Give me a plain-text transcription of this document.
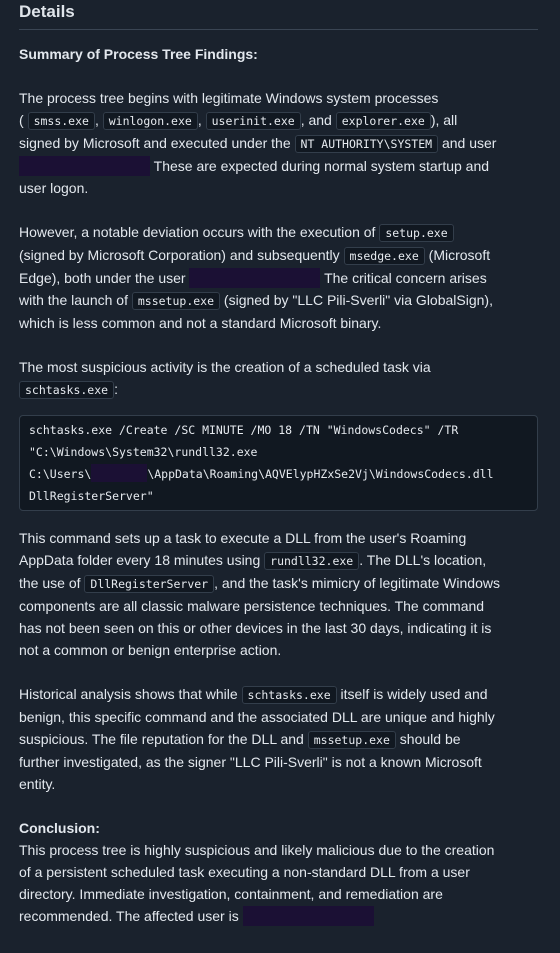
Details

Summary of Process Tree Findings:

The process tree begins with legitimate Windows system processes
( smss.exe , winlogon.exe , userinit.exe , and explorer.exe ), all
signed by Microsoft and executed under the NT AUTHORITY\SYSTEM and user
These are expected during normal system startup and
user logon.

However, a notable deviation occurs with the execution of setup.exe
(signed by Microsoft Corporation) and subsequently msedge.exe (Microsoft
Edge), both under the user	The critical concern arises
with the launch of mssetup.exe (signed by "LLC Pili-Sverli" via GlobalSign),
which is less common and not a standard Microsoft binary.

The most suspicious activity is the creation of a scheduled task via
schtasks.exe :

schtasks.exe /Create /SC MINUTE /MO 18 /TN "WindowsCodecs" /TR
"C:\Windows\System32\rundll32.exe
C:\Users\	\AppData\Roaming\AQVElypHZxSe2Vj\WindowsCodecs.dll
DllRegisterServer"

This command sets up a task to execute a DLL from the user's Roaming
AppData folder every 18 minutes using rundll32.exe . The DLL's location,
the use of DllRegisterServer , and the task's mimicry of legitimate Windows
components are all classic malware persistence techniques. The command
has not been seen on this or other devices in the last 30 days, indicating it is
not a common or benign enterprise action.

Historical analysis shows that while schtasks.exe itself is widely used and
benign, this specific command and the associated DLL are unique and highly
suspicious. The file reputation for the DLL and mssetup.exe should be
further investigated, as the signer "LLC Pili-Sverli" is not a known Microsoft
entity.

Conclusion:

This process tree is highly suspicious and likely malicious due to the creation
of a persistent scheduled task executing a non-standard DLL from a user
directory. Immediate investigation, containment, and remediation are
recommended. The affected user is
